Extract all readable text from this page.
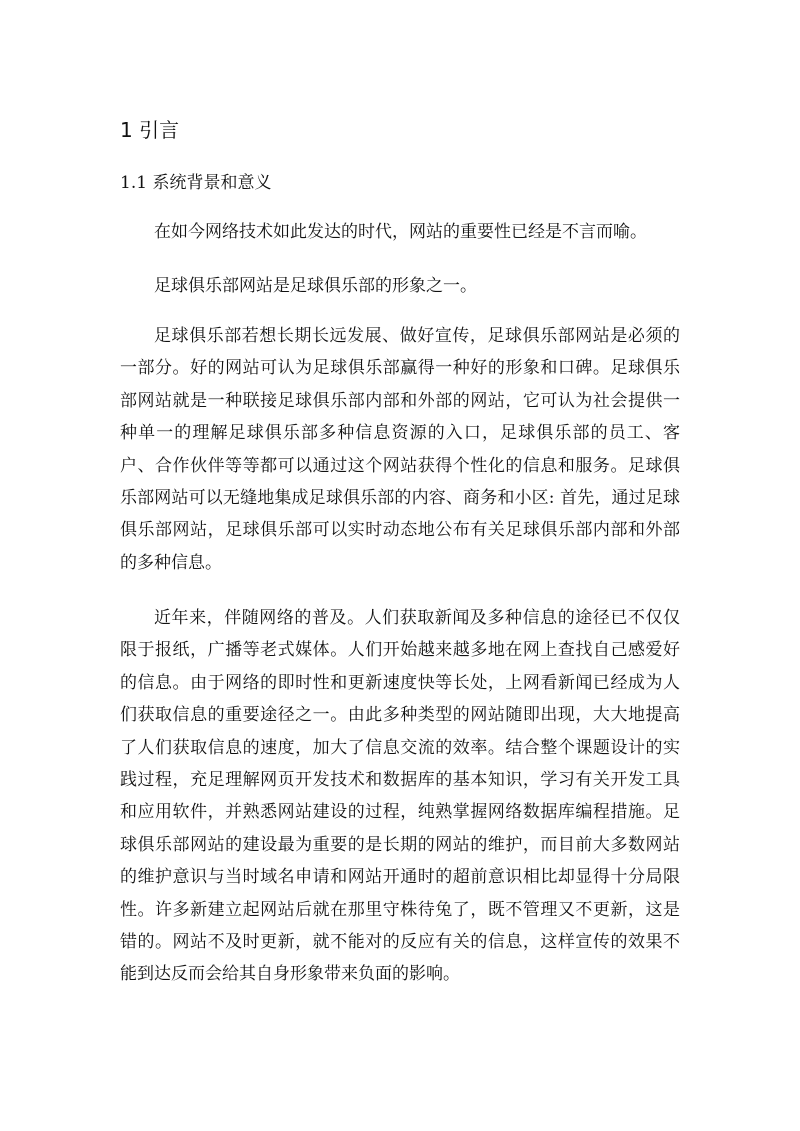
1 引言
1.1 系统背景和意义

在如今网络技术如此发达的时代，网站的重要性已经是不言而喻。

足球俱乐部网站是足球俱乐部的形象之一。

足球俱乐部若想长期长远发展、做好宣传，足球俱乐部网站是必须的一部分。好的网站可认为足球俱乐部赢得一种好的形象和口碑。足球俱乐部网站就是一种联接足球俱乐部内部和外部的网站，它可认为社会提供一种单一的理解足球俱乐部多种信息资源的入口，足球俱乐部的员工、客户、合作伙伴等等都可以通过这个网站获得个性化的信息和服务。足球俱乐部网站可以无缝地集成足球俱乐部的内容、商务和小区: 首先，通过足球俱乐部网站，足球俱乐部可以实时动态地公布有关足球俱乐部内部和外部的多种信息。

近年来，伴随网络的普及。人们获取新闻及多种信息的途径已不仅仅限于报纸，广播等老式媒体。人们开始越来越多地在网上查找自己感爱好的信息。由于网络的即时性和更新速度快等长处，上网看新闻已经成为人们获取信息的重要途径之一。由此多种类型的网站随即出现，大大地提高了人们获取信息的速度，加大了信息交流的效率。结合整个课题设计的实践过程，充足理解网页开发技术和数据库的基本知识，学习有关开发工具和应用软件，并熟悉网站建设的过程，纯熟掌握网络数据库编程措施。足球俱乐部网站的建设最为重要的是长期的网站的维护，而目前大多数网站的维护意识与当时域名申请和网站开通时的超前意识相比却显得十分局限性。许多新建立起网站后就在那里守株待兔了，既不管理又不更新，这是错的。网站不及时更新，就不能对的反应有关的信息，这样宣传的效果不能到达反而会给其自身形象带来负面的影响。
